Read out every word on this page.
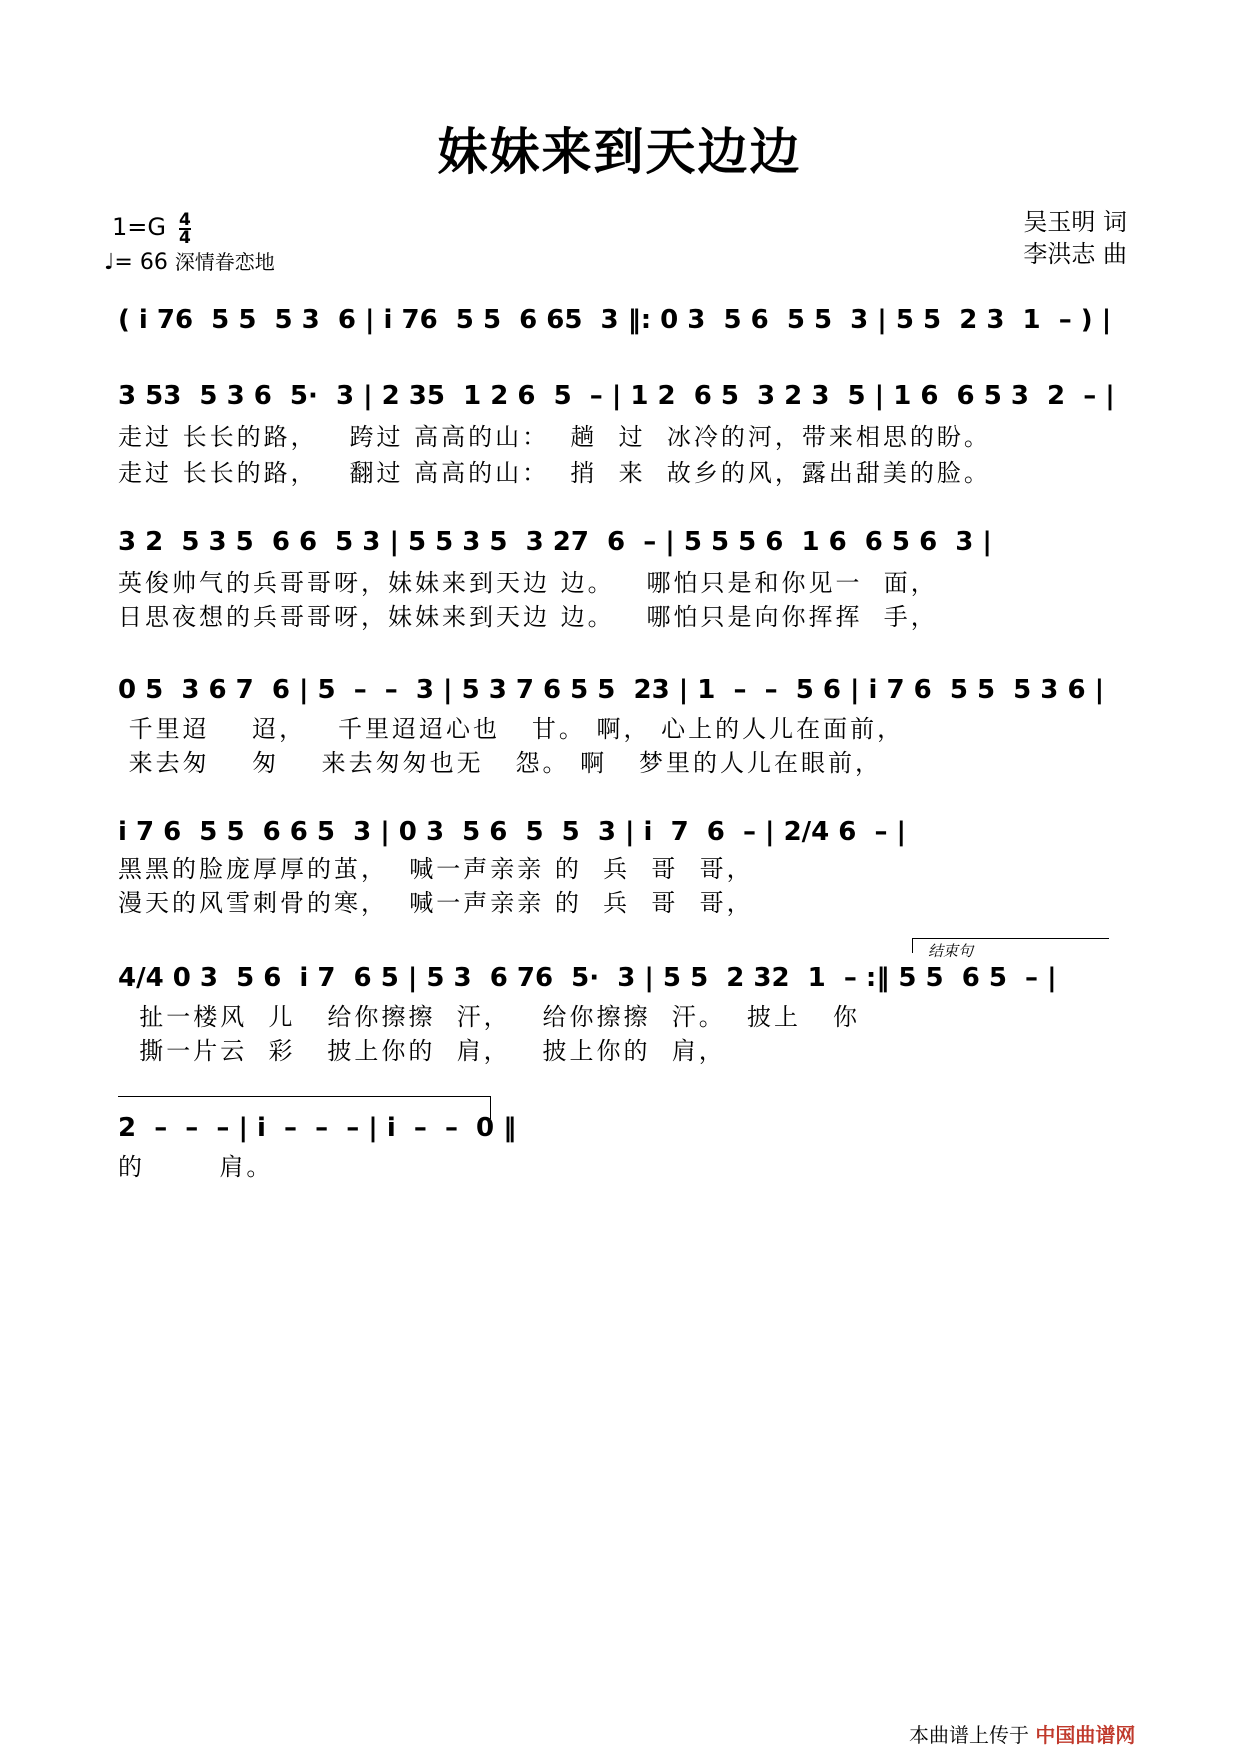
妹妹来到天边边
$1=G \frac{4}{4}$
♩= 66 深情眷恋地
吴玉明 词
李洪志 曲
( i 76  5 5  5 3  6 | i 76  5 5  6 65  3 ‖: 0 3  5 6  5 5  3 | 5 5  2 3  1  – ) |
3 53  5 3 6  5·  3 | 2 35  1 2 6  5  – | 1 2  6 5  3 2 3  5 | 1 6  6 5 3  2  – |
走过 长长的路，   跨过 高高的山：  趟  过  冰冷的河，带来相思的盼。
走过 长长的路，   翻过 高高的山：  捎  来  故乡的风，露出甜美的脸。
3 2  5 3 5  6 6  5 3 | 5 5 3 5  3 27  6  – | 5 5 5 6  1 6  6 5 6  3 |
英俊帅气的兵哥哥呀，妹妹来到天边 边。   哪怕只是和你见一  面，
日思夜想的兵哥哥呀，妹妹来到天边 边。   哪怕只是向你挥挥  手，
0 5  3 6 7  6 | 5  –  –  3 | 5 3 7 6 5 5  23 | 1  –  –  5 6 | i 7 6  5 5  5 3 6 |
千里迢    迢，   千里迢迢心也   甘。 啊， 心上的人儿在面前，
来去匆    匆    来去匆匆也无   怨。 啊   梦里的人儿在眼前，
i 7 6  5 5  6 6 5  3 | 0 3  5 6  5  5  3 | i  7  6  – | 2/4 6  – |
黑黑的脸庞厚厚的茧，  喊一声亲亲 的  兵  哥  哥，
漫天的风雪刺骨的寒，  喊一声亲亲 的  兵  哥  哥，
结束句
4/4 0 3  5 6  i 7  6 5 | 5 3  6 76  5·  3 | 5 5  2 32  1  – :‖ 5 5  6 5  – |
扯一楼风  儿   给你擦擦  汗，   给你擦擦  汗。  披上   你
撕一片云  彩   披上你的  肩，   披上你的  肩，
2  –  –  – | i  –  –  – | i  –  –  0 ‖
的       肩。
本曲谱上传于 中国曲谱网
